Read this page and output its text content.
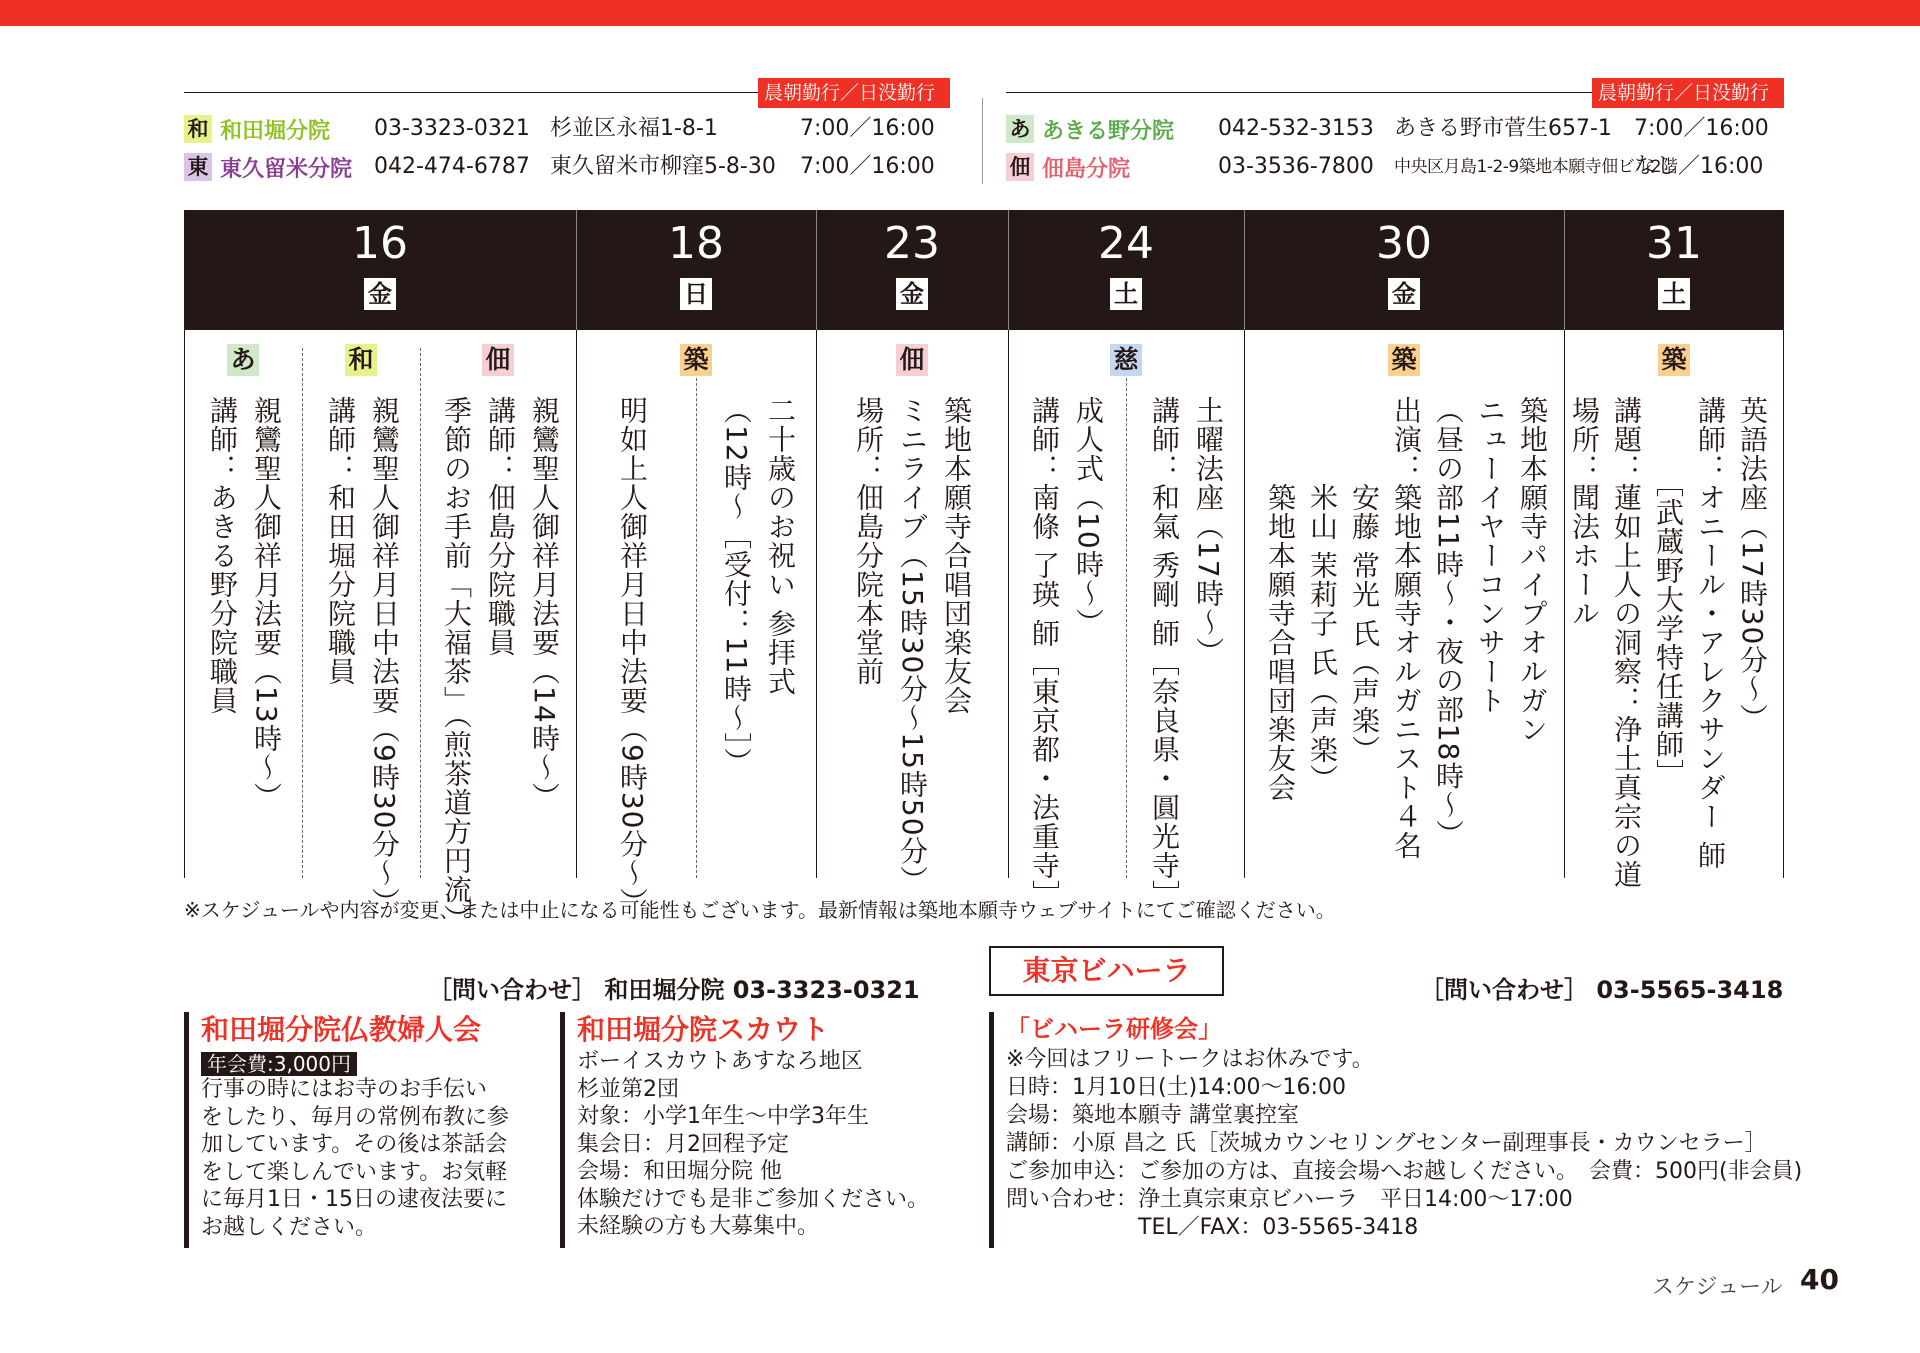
晨朝勤行／日没勤行
和 和田堀分院 03-3323-0321 杉並区永福1-8-1	7:00／16:00
東 東久留米分院 042-474-6787 東久留米市柳窪5-8-30 7:00／16:00
晨朝勤行／日没勤行
あ あきる野分院 042-532-3153 あきる野市菅生657-1 7:00／16:00
佃 佃島分院	03-3536-7800 中央区月島1-2-9築地本願寺佃ビル2階
なし／16:00
16
金
18
日
23
金
24
土
30
金
31
土
あ
親鸞聖人御祥月法要（13時～）
講師：あきる野分院職員
和
親鸞聖人御祥月日中法要（9時30分～）
講師：和田堀分院職員
佃
親鸞聖人御祥月法要（14時～）
講師：佃島分院職員
季節のお手前「大福茶」（煎茶道方円流）
築
二十歳のお祝い 参拝式
（12時～［受付：11時～］）
明如上人御祥月日中法要（9時30分～）
佃
築地本願寺合唱団楽友会
ミニライブ（15時30分～15時50分）
場所：佃島分院本堂前
慈
土曜法座（17時～）
講師：和氣 秀剛 師［奈良県・圓光寺］
成人式（10時～）
講師：南條 了瑛 師［東京都・法重寺］
築
築地本願寺パイプオルガン
ニューイヤーコンサート
（昼の部11時～・夜の部18時～）
出演：築地本願寺オルガニスト４名
　　　安藤 常光 氏（声楽）
　　　米山 茉莉子 氏（声楽）
　　　築地本願寺合唱団楽友会
築
英語法座（17時30分～）
講師：オニール・アレクサンダー 師
　　　［武蔵野大学特任講師］
講題：蓮如上人の洞察：浄土真宗の道
場所：聞法ホール
※スケジュールや内容が変更、または中止になる可能性もございます。最新情報は築地本願寺ウェブサイトにてご確認ください。
［問い合わせ］ 和田堀分院 03-3323-0321
東京ビハーラ
［問い合わせ］ 03-5565-3418
和田堀分院仏教婦人会
年会費:3,000円
行事の時にはお寺のお手伝い
をしたり、毎月の常例布教に参
加しています。その後は茶話会
をして楽しんでいます。お気軽
に毎月1日・15日の逮夜法要に
お越しください。
和田堀分院スカウト
ボーイスカウトあすなろ地区
杉並第2団
対象：小学1年生～中学3年生
集会日：月2回程予定
会場：和田堀分院 他
体験だけでも是非ご参加ください。
未経験の方も大募集中。
「ビハーラ研修会」
※今回はフリートークはお休みです。
日時：1月10日(土)14:00～16:00
会場：築地本願寺 講堂裏控室
講師：小原 昌之 氏［茨城カウンセリングセンター副理事長・カウンセラー］
ご参加申込：ご参加の方は、直接会場へお越しください。　会費：500円(非会員)
問い合わせ：浄土真宗東京ビハーラ　平日14:00～17:00
　　　　　　TEL／FAX：03-5565-3418
スケジュール 40
